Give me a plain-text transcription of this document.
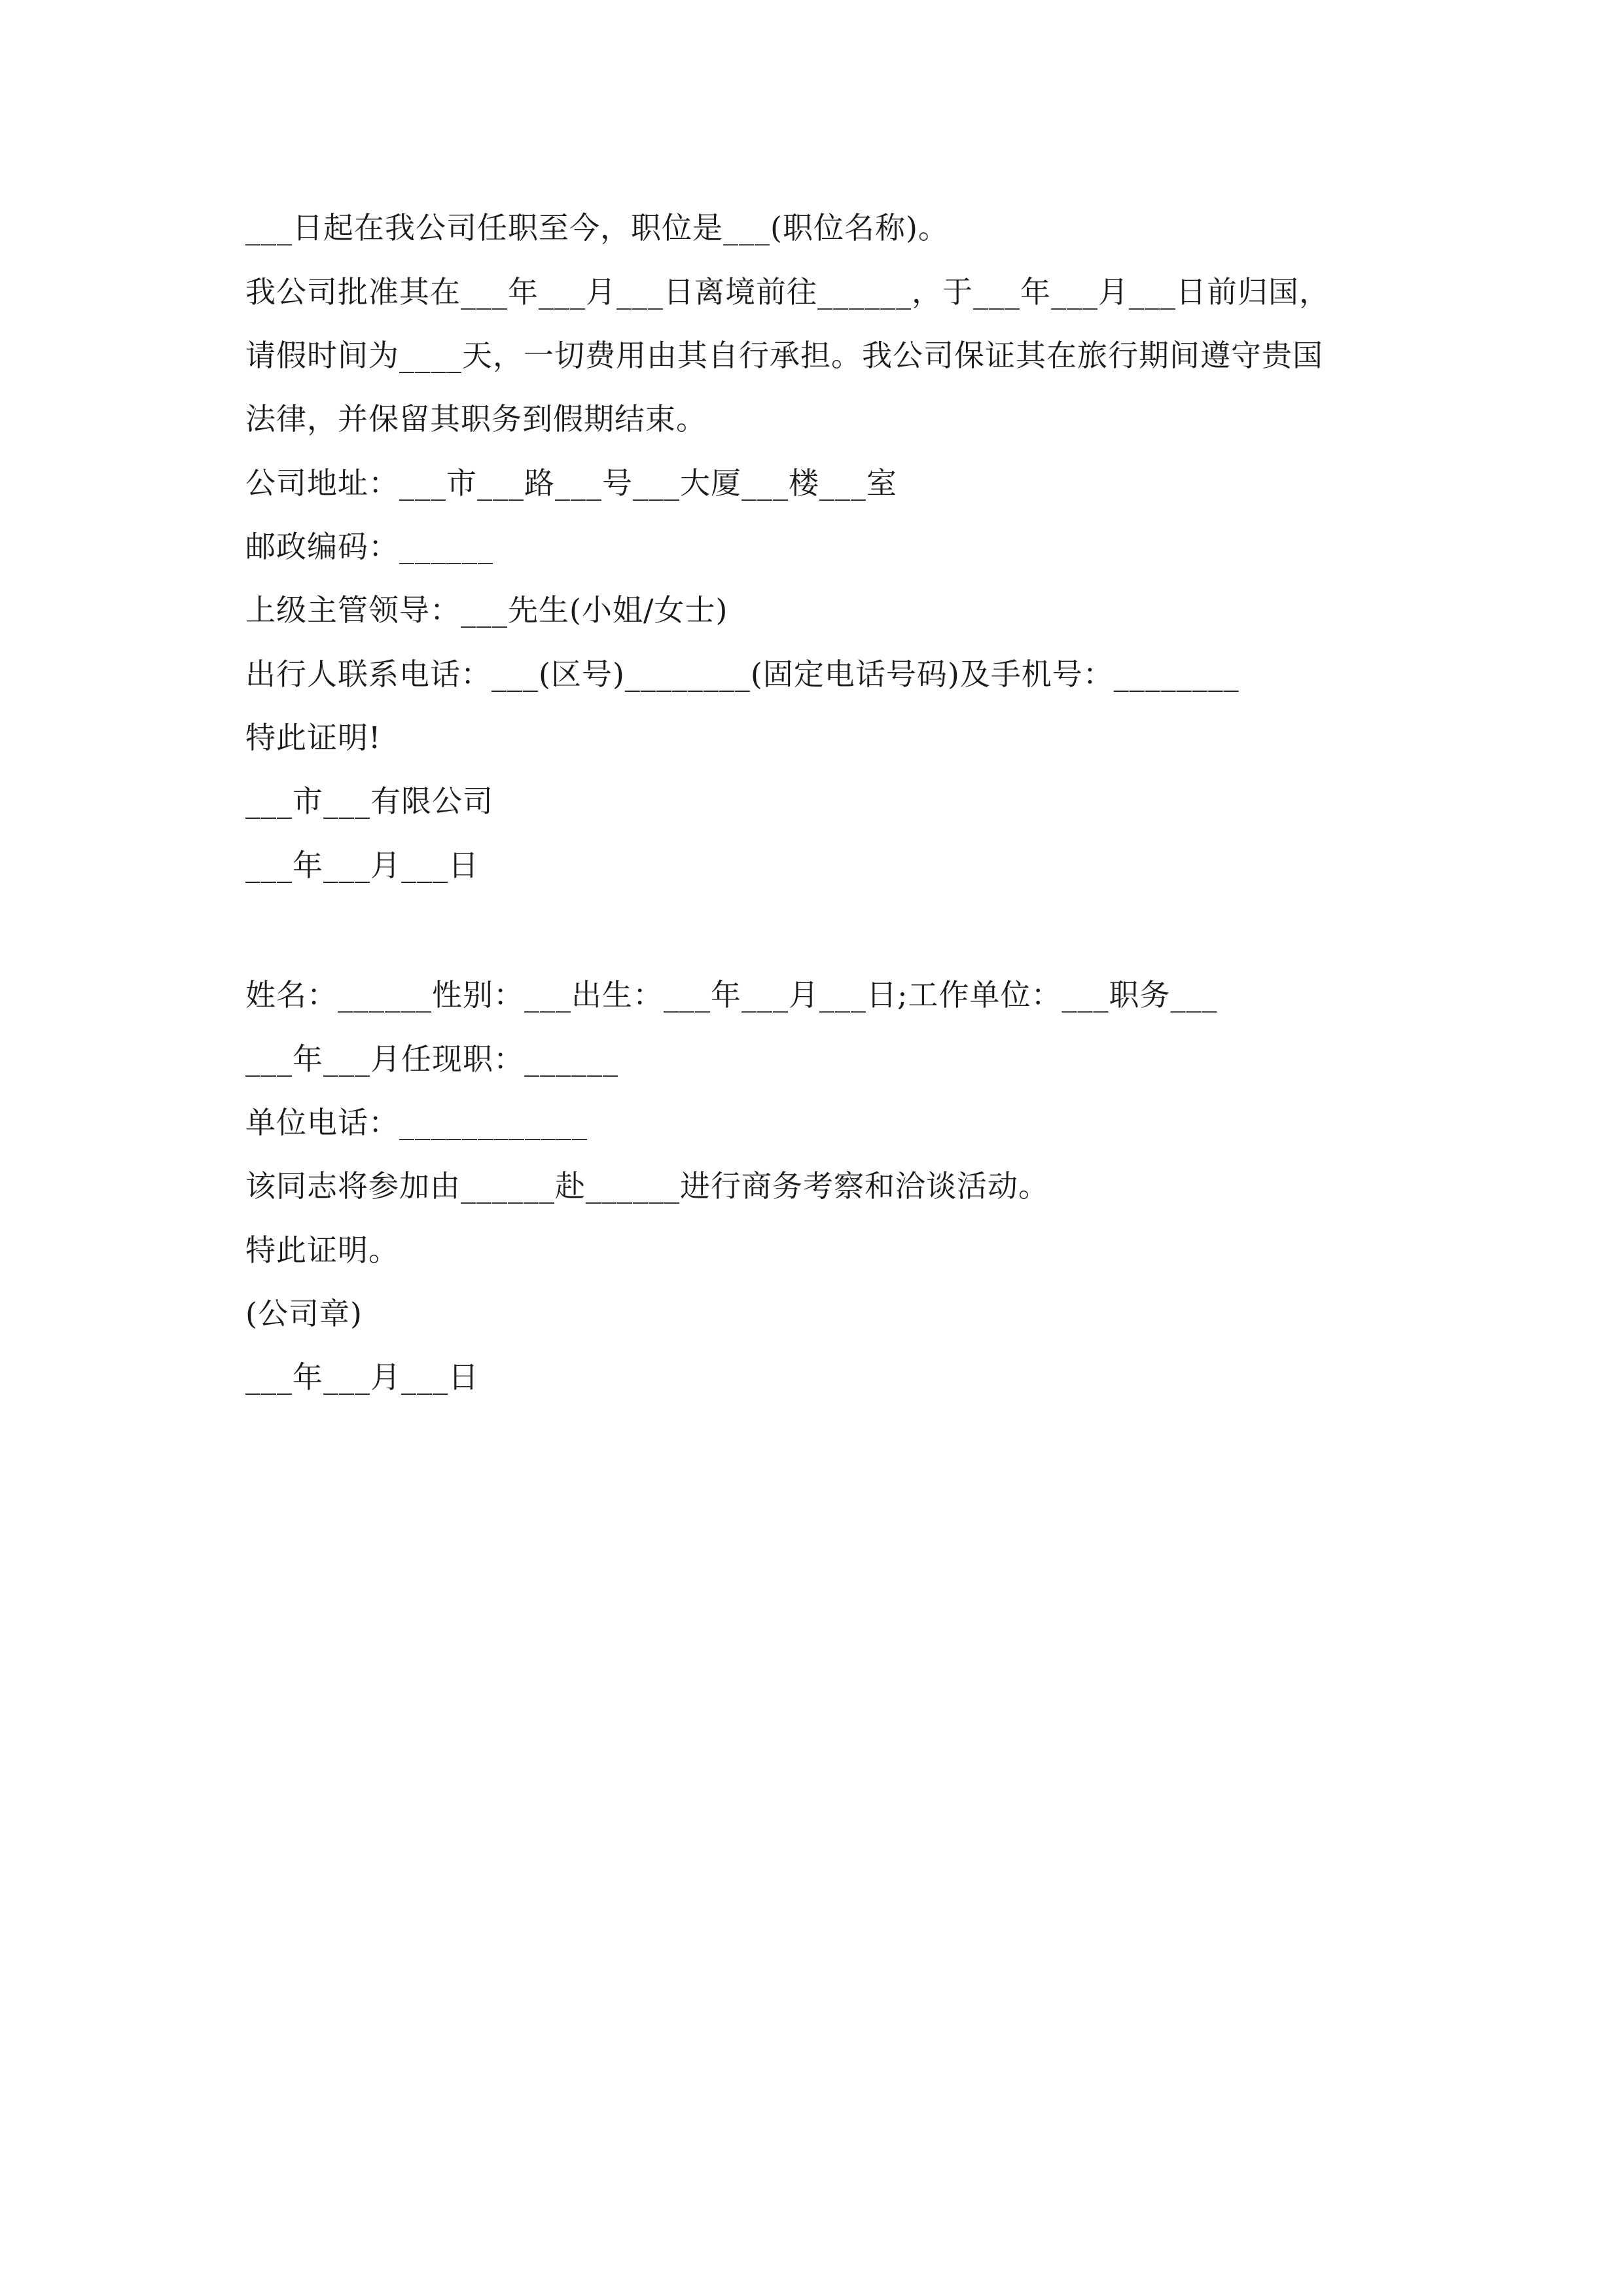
___日起在我公司任职至今，职位是___(职位名称)。
我公司批准其在___年___月___日离境前往______，于___年___月___日前归国，
请假时间为____天，一切费用由其自行承担。我公司保证其在旅行期间遵守贵国
法律，并保留其职务到假期结束。
公司地址：___市___路___号___大厦___楼___室
邮政编码：______
上级主管领导：___先生(小姐/女士)
出行人联系电话：___(区号)________(固定电话号码)及手机号：________
特此证明!
___市___有限公司
___年___月___日
姓名：______性别：___出生：___年___月___日;工作单位：___职务___
___年___月任现职：______
单位电话：____________
该同志将参加由______赴______进行商务考察和洽谈活动。
特此证明。
(公司章)
___年___月___日
